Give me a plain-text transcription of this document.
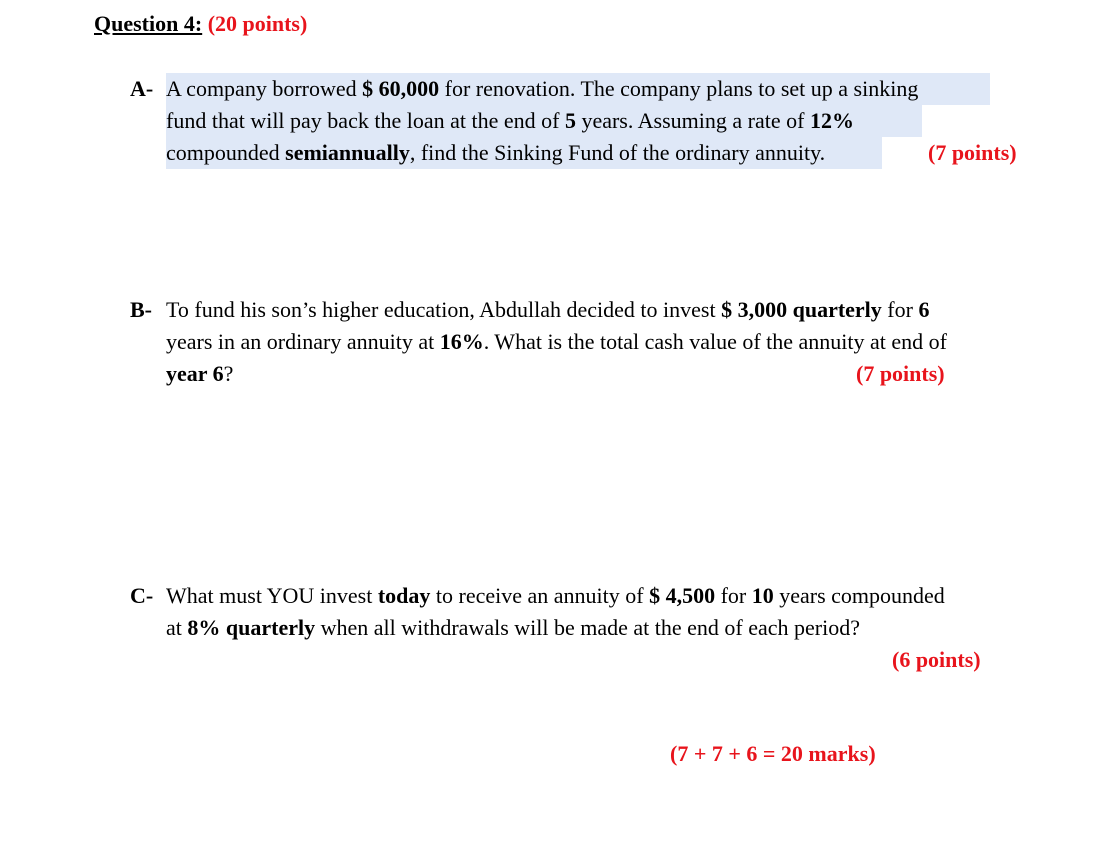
Question 4: (20 points)
A- A company borrowed $ 60,000 for renovation. The company plans to set up a sinking
fund that will pay back the loan at the end of 5 years. Assuming a rate of 12%
compounded semiannually, find the Sinking Fund of the ordinary annuity.	(7 points)
B- To fund his son’s higher education, Abdullah decided to invest $ 3,000 quarterly for 6
years in an ordinary annuity at 16%. What is the total cash value of the annuity at end of
year 6?	(7 points)
C- What must YOU invest today to receive an annuity of $ 4,500 for 10 years compounded
at 8% quarterly when all withdrawals will be made at the end of each period?
(6 points)
(7 + 7 + 6 = 20 marks)
